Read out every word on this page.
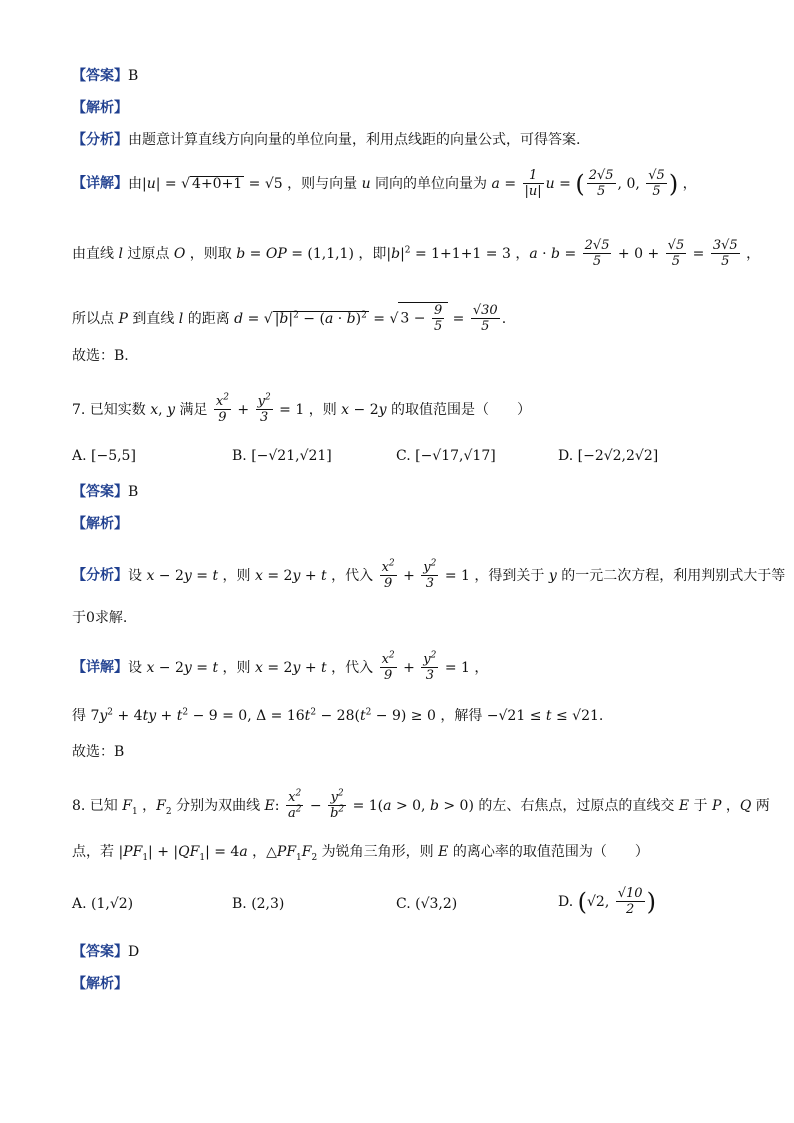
【答案】B
【解析】
【分析】由题意计算直线方向向量的单位向量，利用点线距的向量公式，可得答案.
【详解】由|u| = √ 4+0+1 = √5 ，则与向量 u 同向的单位向量为 $a = \frac{1}{|u|}$ u = ( $\frac{2√5}{5}$ , 0, $\frac{√5}{5}$ ) ，
由直线 l 过原点 O ，则取 b = OP = (1,1,1) ，即$|b|^2 = 1+1+1 = 3$ ，$a \cdot b = \frac{2√5}{5} + 0 + \frac{√5}{5} = \frac{3√5}{5}$ ，
所以点 P 到直线 l 的距离 d = √ $|b|^2 - (a \cdot b)^2$ = √ $3 - \frac{9}{5} = \frac{√30}{5}$ .
故选：B.
7. 已知实数 x, y 满足 $\frac{x^2}{9} + \frac{y^2}{3} = 1$ ，则 x − 2y 的取值范围是（　　）
A. [−5,5]	B. [−√21,√21]	C. [−√17,√17]	D. [−2√2,2√2]
【答案】B
【解析】
【分析】设 x − 2y = t ，则 x = 2y + t ，代入 $\frac{x^2}{9} + \frac{y^2}{3} = 1$ ，得到关于 y 的一元二次方程，利用判别式大于等
于0求解.
【详解】设 x − 2y = t ，则 x = 2y + t ，代入 $\frac{x^2}{9} + \frac{y^2}{3} = 1$ ，
得 $7y^2 + 4ty + t^2 - 9 = 0$, $\Delta = 16t^2 - 28(t^2 - 9) \ge 0$ ，解得 −√21 ≤ t ≤ √21.
故选：B
8. 已知 $F_1$ ，$F_2$ 分别为双曲线 E: $\frac{x^2}{a^2} - \frac{y^2}{b^2} = 1(a > 0$, b > 0) 的左、右焦点，过原点的直线交 E 于 P ，Q 两
点，若 $|PF_1| + |QF_1| = 4a$ ，$\triangle PF_1F_2$ 为锐角三角形，则 E 的离心率的取值范围为（　　）
A. (1,√2)	B. (2,3)	C. (√3,2)	D. (√2, $\frac{√10}{2}$ )
【答案】D
【解析】
